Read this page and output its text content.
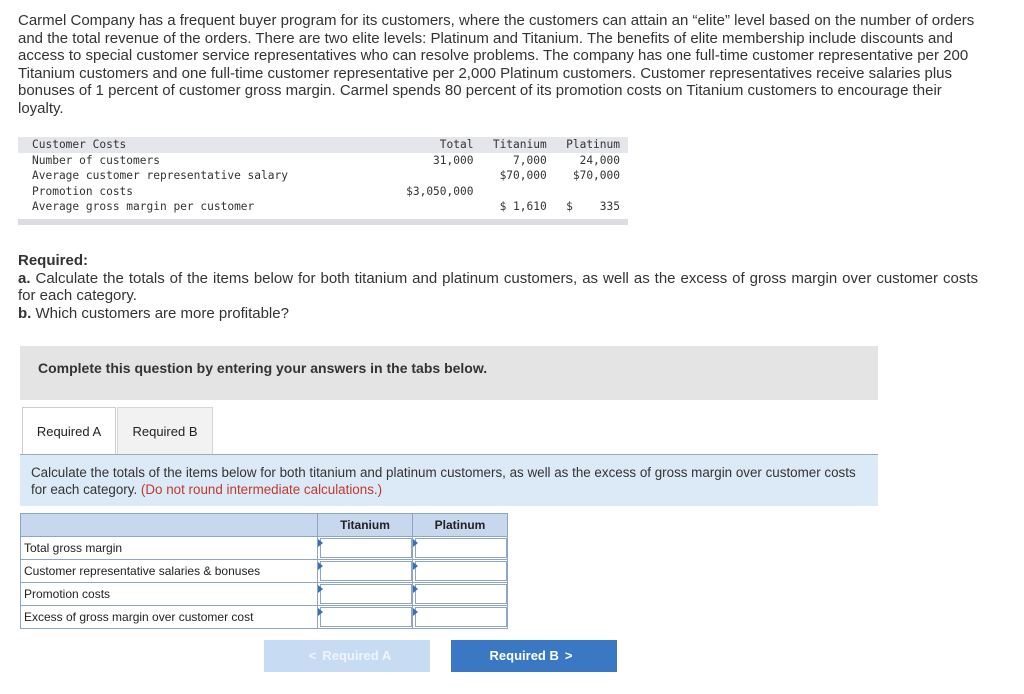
Carmel Company has a frequent buyer program for its customers, where the customers can attain an “elite” level based on the number of orders and the total revenue of the orders. There are two elite levels: Platinum and Titanium. The benefits of elite membership include discounts and access to special customer service representatives who can resolve problems. The company has one full-time customer representative per 200 Titanium customers and one full-time customer representative per 2,000 Platinum customers. Customer representatives receive salaries plus bonuses of 1 percent of customer gross margin. Carmel spends 80 percent of its promotion costs on Titanium customers to encourage their loyalty.

Customer Costs	Total	Titanium	Platinum
Number of customers	31,000	7,000	24,000
Average customer representative salary		$70,000	$70,000
Promotion costs	$3,050,000		
Average gross margin per customer		$ 1,610	$    335

Required:

a. Calculate the totals of the items below for both titanium and platinum customers, as well as the excess of gross margin over customer costs for each category.

b. Which customers are more profitable?

Complete this question by entering your answers in the tabs below.
Required A	Required B

Calculate the totals of the items below for both titanium and platinum customers, as well as the excess of gross margin over customer costs for each category. (Do not round intermediate calculations.)

	Titanium	Platinum
Total gross margin	

Customer representative salaries & bonuses	

Promotion costs	

Excess of gross margin over customer cost	

< Required A	Required B >
